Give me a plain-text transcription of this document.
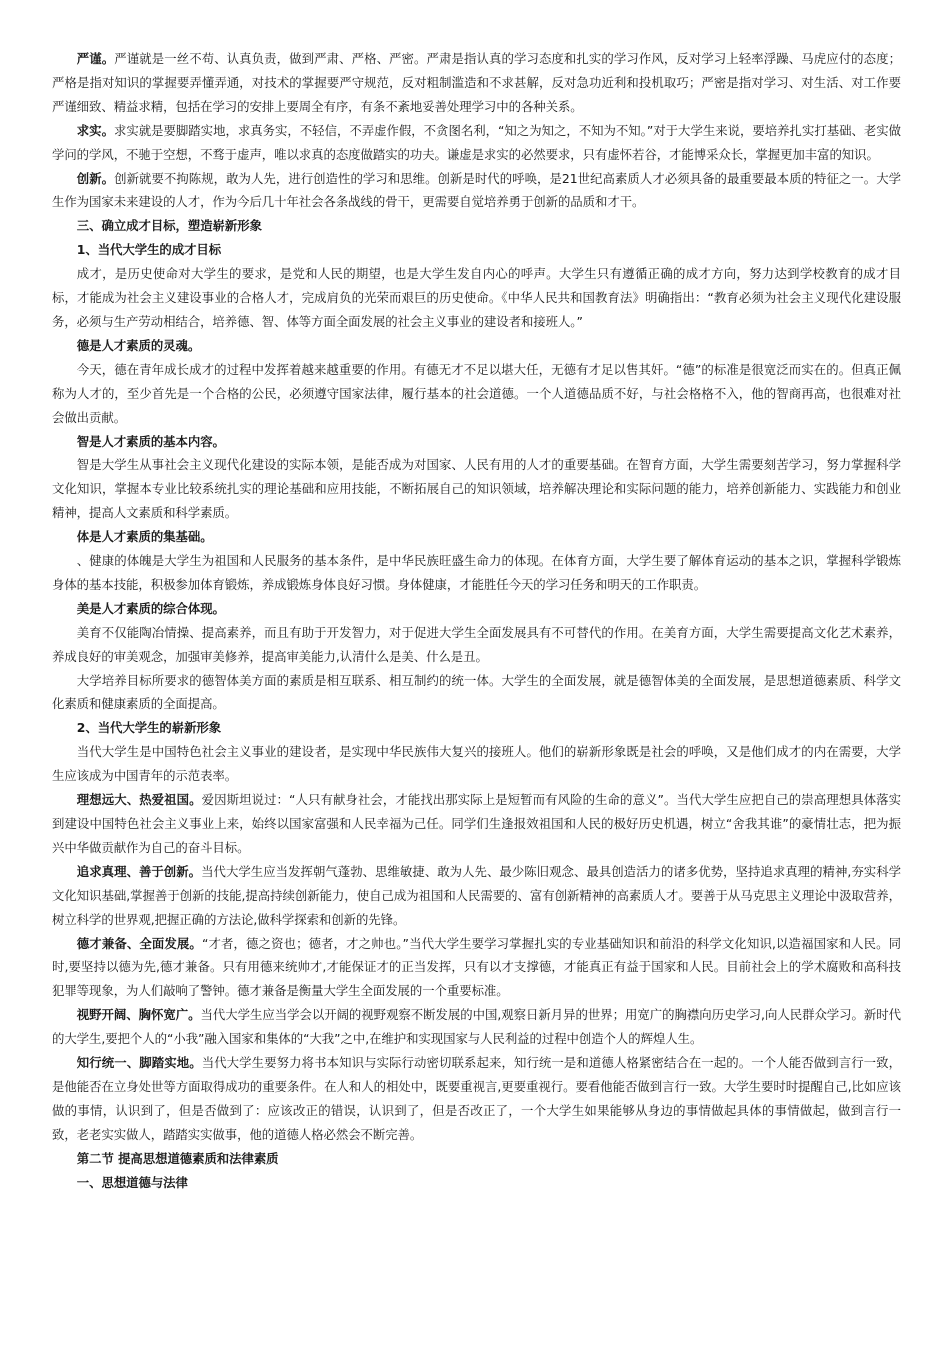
严谨。严谨就是一丝不苟、认真负责，做到严肃、严格、严密。严肃是指认真的学习态度和扎实的学习作风，反对学习上轻率浮躁、马虎应付的态度；严格是指对知识的掌握要弄懂弄通，对技术的掌握要严守规范，反对粗制滥造和不求甚解，反对急功近利和投机取巧；严密是指对学习、对生活、对工作要严谨细致、精益求精，包括在学习的安排上要周全有序，有条不紊地妥善处理学习中的各种关系。

求实。求实就是要脚踏实地，求真务实，不轻信，不弄虚作假，不贪图名利，“知之为知之，不知为不知。”对于大学生来说，要培养扎实打基础、老实做学问的学风，不驰于空想，不骛于虚声，唯以求真的态度做踏实的功夫。谦虚是求实的必然要求，只有虚怀若谷，才能博采众长，掌握更加丰富的知识。

创新。创新就要不拘陈规，敢为人先，进行创造性的学习和思维。创新是时代的呼唤，是21世纪高素质人才必须具备的最重要最本质的特征之一。大学生作为国家未来建设的人才，作为今后几十年社会各条战线的骨干，更需要自觉培养勇于创新的品质和才干。

三、确立成才目标，塑造崭新形象

1、当代大学生的成才目标

成才，是历史使命对大学生的要求，是党和人民的期望，也是大学生发自内心的呼声。大学生只有遵循正确的成才方向，努力达到学校教育的成才目标，才能成为社会主义建设事业的合格人才，完成肩负的光荣而艰巨的历史使命。《中华人民共和国教育法》明确指出：“教育必须为社会主义现代化建设服务，必须与生产劳动相结合，培养德、智、体等方面全面发展的社会主义事业的建设者和接班人。”

德是人才素质的灵魂。

今天，德在青年成长成才的过程中发挥着越来越重要的作用。有德无才不足以堪大任，无德有才足以售其奸。“德”的标准是很宽泛而实在的。但真正佩称为人才的，至少首先是一个合格的公民，必须遵守国家法律，履行基本的社会道德。一个人道德品质不好，与社会格格不入，他的智商再高，也很难对社会做出贡献。

智是人才素质的基本内容。

智是大学生从事社会主义现代化建设的实际本领，是能否成为对国家、人民有用的人才的重要基础。在智育方面，大学生需要刻苦学习，努力掌握科学文化知识，掌握本专业比较系统扎实的理论基础和应用技能，不断拓展自己的知识领域，培养解决理论和实际问题的能力，培养创新能力、实践能力和创业精神，提高人文素质和科学素质。

体是人才素质的集基础。

、健康的体魄是大学生为祖国和人民服务的基本条件，是中华民族旺盛生命力的体现。在体育方面，大学生要了解体育运动的基本之识，掌握科学锻炼身体的基本技能，积极参加体育锻炼，养成锻炼身体良好习惯。身体健康，才能胜任今天的学习任务和明天的工作职责。

美是人才素质的综合体现。

美育不仅能陶冶情操、提高素养，而且有助于开发智力，对于促进大学生全面发展具有不可替代的作用。在美育方面，大学生需要提高文化艺术素养，养成良好的审美观念，加强审美修养，提高审美能力,认清什么是美、什么是丑。

大学培养目标所要求的德智体美方面的素质是相互联系、相互制约的统一体。大学生的全面发展，就是德智体美的全面发展，是思想道德素质、科学文化素质和健康素质的全面提高。

2、当代大学生的崭新形象

当代大学生是中国特色社会主义事业的建设者，是实现中华民族伟大复兴的接班人。他们的崭新形象既是社会的呼唤，又是他们成才的内在需要，大学生应该成为中国青年的示范表率。

理想远大、热爱祖国。爱因斯坦说过：“人只有献身社会，才能找出那实际上是短暂而有风险的生命的意义”。当代大学生应把自己的崇高理想具体落实到建设中国特色社会主义事业上来，始终以国家富强和人民幸福为己任。同学们生逢报效祖国和人民的极好历史机遇，树立“舍我其谁”的豪情壮志，把为振兴中华做贡献作为自己的奋斗目标。

追求真理、善于创新。当代大学生应当发挥朝气蓬勃、思维敏捷、敢为人先、最少陈旧观念、最具创造活力的诸多优势，坚持追求真理的精神,夯实科学文化知识基础,掌握善于创新的技能,提高持续创新能力，使自己成为祖国和人民需要的、富有创新精神的高素质人才。要善于从马克思主义理论中汲取营养，树立科学的世界观,把握正确的方法论,做科学探索和创新的先锋。

德才兼备、全面发展。“才者，德之资也；德者，才之帅也。”当代大学生要学习掌握扎实的专业基础知识和前沿的科学文化知识,以造福国家和人民。同时,要坚持以德为先,德才兼备。只有用德来统帅才,才能保证才的正当发挥，只有以才支撑德，才能真正有益于国家和人民。目前社会上的学术腐败和高科技犯罪等现象，为人们敲响了警钟。德才兼备是衡量大学生全面发展的一个重要标准。

视野开阔、胸怀宽广。当代大学生应当学会以开阔的视野观察不断发展的中国,观察日新月异的世界；用宽广的胸襟向历史学习,向人民群众学习。新时代的大学生,要把个人的“小我”融入国家和集体的“大我”之中,在维护和实现国家与人民利益的过程中创造个人的辉煌人生。

知行统一、脚踏实地。当代大学生要努力将书本知识与实际行动密切联系起来，知行统一是和道德人格紧密结合在一起的。一个人能否做到言行一致，是他能否在立身处世等方面取得成功的重要条件。在人和人的相处中，既要重视言,更要重视行。要看他能否做到言行一致。大学生要时时提醒自己,比如应该做的事情，认识到了，但是否做到了：应该改正的错误，认识到了，但是否改正了，一个大学生如果能够从身边的事情做起具体的事情做起，做到言行一致，老老实实做人，踏踏实实做事，他的道德人格必然会不断完善。

第二节 提高思想道德素质和法律素质

一、思想道德与法律
